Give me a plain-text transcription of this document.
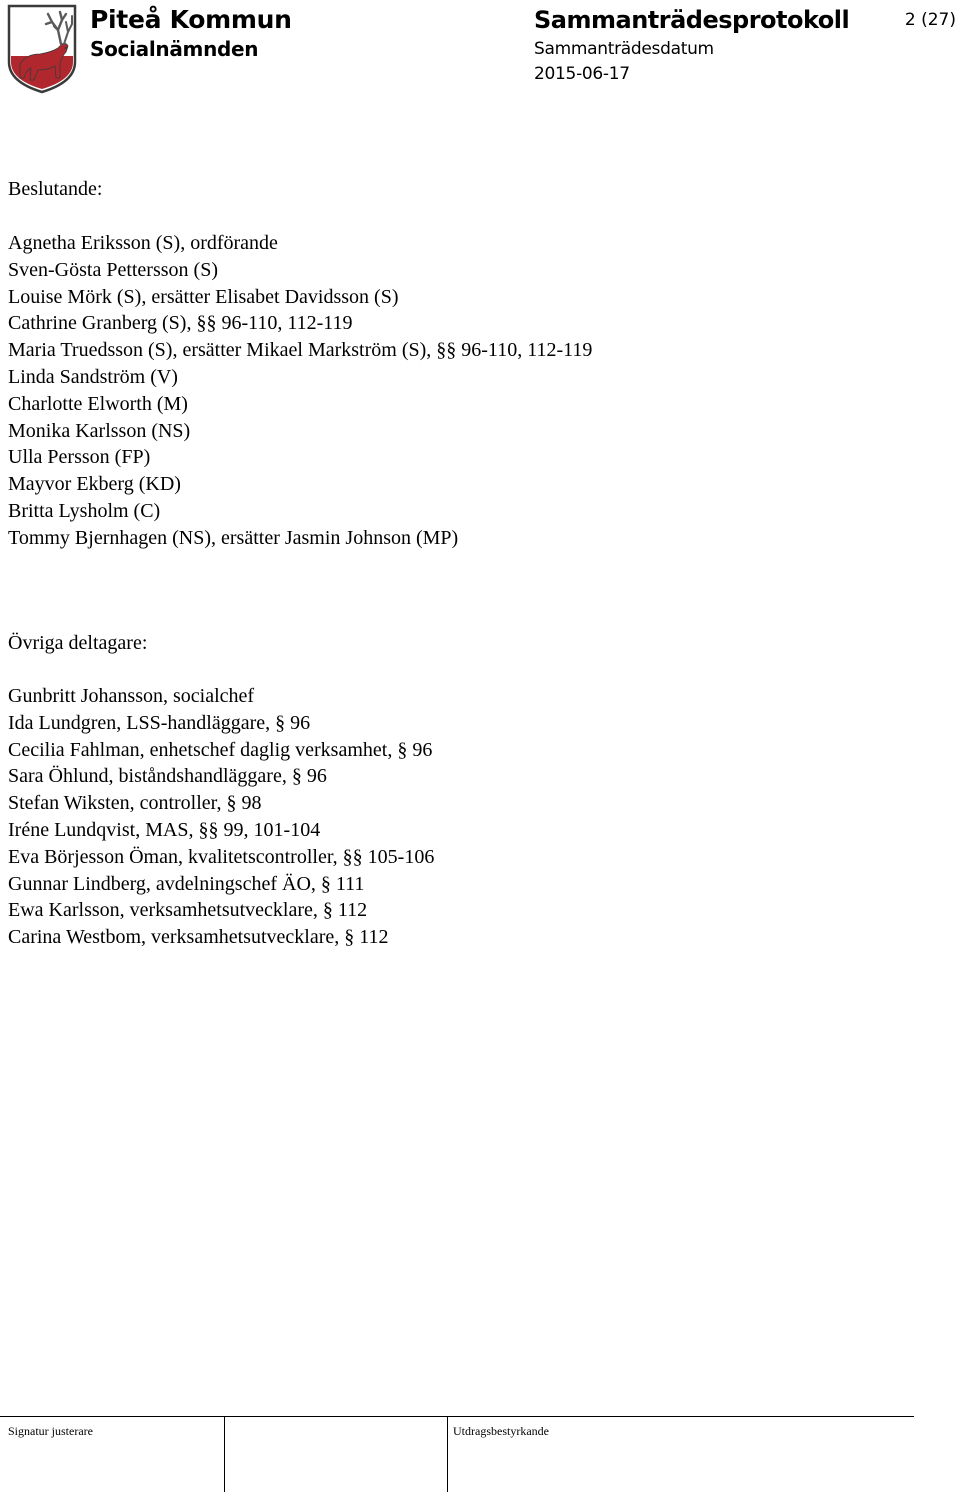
Piteå Kommun
Socialnämnden
Sammanträdesprotokoll
Sammanträdesdatum
2015-06-17
2 (27)
Beslutande:
Agnetha Eriksson (S), ordförande
Sven-Gösta Pettersson (S)
Louise Mörk (S), ersätter Elisabet Davidsson (S)
Cathrine Granberg (S), §§ 96-110, 112-119
Maria Truedsson (S), ersätter Mikael Markström (S), §§ 96-110, 112-119
Linda Sandström (V)
Charlotte Elworth (M)
Monika Karlsson (NS)
Ulla Persson (FP)
Mayvor Ekberg (KD)
Britta Lysholm (C)
Tommy Bjernhagen (NS), ersätter Jasmin Johnson (MP)
Övriga deltagare:
Gunbritt Johansson, socialchef
Ida Lundgren, LSS-handläggare, § 96
Cecilia Fahlman, enhetschef daglig verksamhet, § 96
Sara Öhlund, biståndshandläggare, § 96
Stefan Wiksten, controller, § 98
Iréne Lundqvist, MAS, §§ 99, 101-104
Eva Börjesson Öman, kvalitetscontroller, §§ 105-106
Gunnar Lindberg, avdelningschef ÄO, § 111
Ewa Karlsson, verksamhetsutvecklare, § 112
Carina Westbom, verksamhetsutvecklare, § 112
Signatur justerare	Utdragsbestyrkande
